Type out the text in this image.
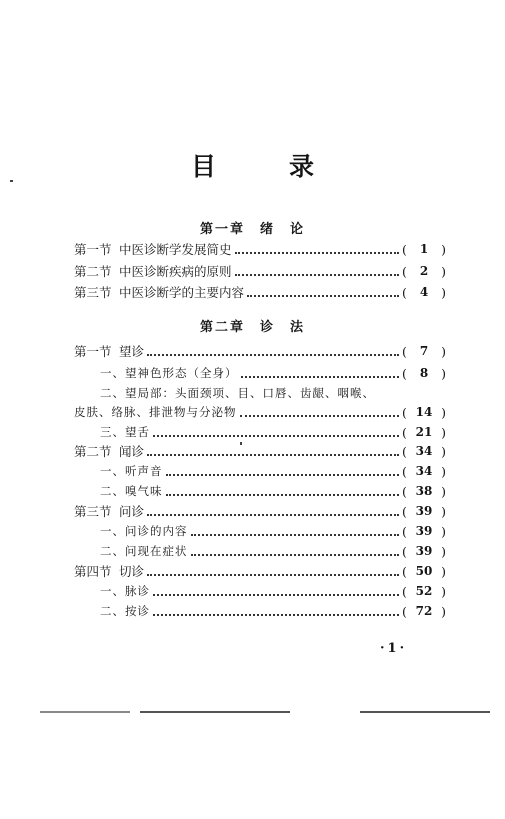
目　录
第一章　绪　论
第一节 中医诊断学发展简史	( 1 )
第二节 中医诊断疾病的原则	( 2 )
第三节 中医诊断学的主要内容	( 4 )
第二章　诊　法
第一节 望诊	( 7 )
一、望神色形态（全身）	( 8 )
二、望局部：头面颈项、目、口唇、齿龈、咽喉、
皮肤、络脉、排泄物与分泌物	( 14 )
三、望舌	( 21 )
第二节 闻诊	( 34 )
一、听声音	( 34 )
二、嗅气味	( 38 )
第三节 问诊	( 39 )
一、问诊的内容	( 39 )
二、问现在症状	( 39 )
第四节 切诊	( 50 )
一、脉诊	( 52 )
二、按诊	( 72 )
·1·
